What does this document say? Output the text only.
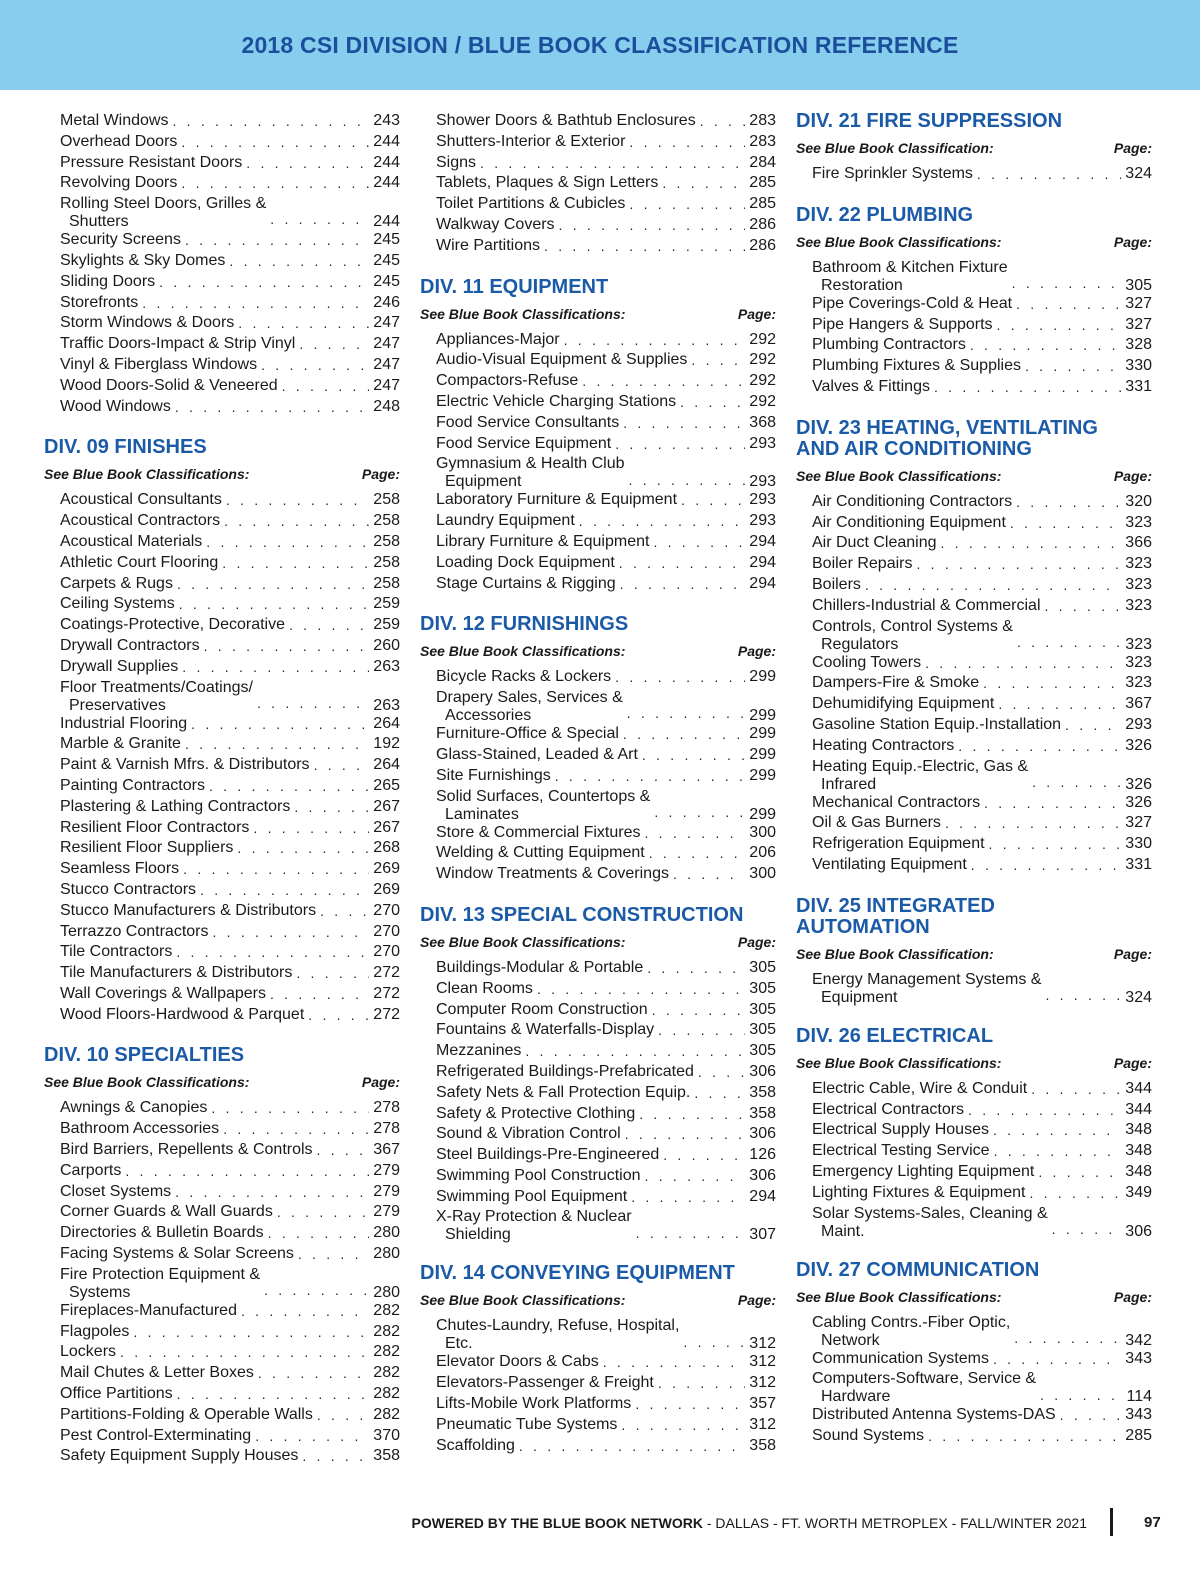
2018 CSI DIVISION / BLUE BOOK CLASSIFICATION REFERENCE
Metal Windows . . .	243
Overhead Doors . . .	244
Pressure Resistant Doors . . .	244
Revolving Doors . . .	244
Rolling Steel Doors, Grilles &
Shutters . . .	244
Security Screens . . .	245
Skylights & Sky Domes . . .	245
Sliding Doors . . .	245
Storefronts . . .	246
Storm Windows & Doors . . .	247
Traffic Doors-Impact & Strip Vinyl . . .	247
Vinyl & Fiberglass Windows . . .	247
Wood Doors-Solid & Veneered . . .	247
Wood Windows . . .	248
DIV. 09 FINISHES
See Blue Book Classifications:	Page:
Acoustical Consultants . . .	258
Acoustical Contractors . . .	258
Acoustical Materials . . .	258
Athletic Court Flooring . . .	258
Carpets & Rugs . . .	258
Ceiling Systems . . .	259
Coatings-Protective, Decorative . . .	259
Drywall Contractors . . .	260
Drywall Supplies . . .	263
Floor Treatments/Coatings/
Preservatives . . .	263
Industrial Flooring . . .	264
Marble & Granite . . .	192
Paint & Varnish Mfrs. & Distributors . . .	264
Painting Contractors . . .	265
Plastering & Lathing Contractors . . .	267
Resilient Floor Contractors . . .	267
Resilient Floor Suppliers . . .	268
Seamless Floors . . .	269
Stucco Contractors . . .	269
Stucco Manufacturers & Distributors . . .	270
Terrazzo Contractors . . .	270
Tile Contractors . . .	270
Tile Manufacturers & Distributors . . .	272
Wall Coverings & Wallpapers . . .	272
Wood Floors-Hardwood & Parquet . . .	272
DIV. 10 SPECIALTIES
See Blue Book Classifications:	Page:
Awnings & Canopies . . .	278
Bathroom Accessories . . .	278
Bird Barriers, Repellents & Controls . . .	367
Carports . . .	279
Closet Systems . . .	279
Corner Guards & Wall Guards . . .	279
Directories & Bulletin Boards . . .	280
Facing Systems & Solar Screens . . .	280
Fire Protection Equipment &
Systems . . .	280
Fireplaces-Manufactured . . .	282
Flagpoles . . .	282
Lockers . . .	282
Mail Chutes & Letter Boxes . . .	282
Office Partitions . . .	282
Partitions-Folding & Operable Walls . . .	282
Pest Control-Exterminating . . .	370
Safety Equipment Supply Houses . . .	358
Shower Doors & Bathtub Enclosures . . .	283
Shutters-Interior & Exterior . . .	283
Signs . . .	284
Tablets, Plaques & Sign Letters . . .	285
Toilet Partitions & Cubicles . . .	285
Walkway Covers . . .	286
Wire Partitions . . .	286
DIV. 11 EQUIPMENT
See Blue Book Classifications:	Page:
Appliances-Major . . .	292
Audio-Visual Equipment & Supplies . . .	292
Compactors-Refuse . . .	292
Electric Vehicle Charging Stations . . .	292
Food Service Consultants . . .	368
Food Service Equipment . . .	293
Gymnasium & Health Club
Equipment . . .	293
Laboratory Furniture & Equipment . . .	293
Laundry Equipment . . .	293
Library Furniture & Equipment . . .	294
Loading Dock Equipment . . .	294
Stage Curtains & Rigging . . .	294
DIV. 12 FURNISHINGS
See Blue Book Classifications:	Page:
Bicycle Racks & Lockers . . .	299
Drapery Sales, Services &
Accessories . . .	299
Furniture-Office & Special . . .	299
Glass-Stained, Leaded & Art . . .	299
Site Furnishings . . .	299
Solid Surfaces, Countertops &
Laminates . . .	299
Store & Commercial Fixtures . . .	300
Welding & Cutting Equipment . . .	206
Window Treatments & Coverings . . .	300
DIV. 13 SPECIAL CONSTRUCTION
See Blue Book Classifications:	Page:
Buildings-Modular & Portable . . .	305
Clean Rooms . . .	305
Computer Room Construction . . .	305
Fountains & Waterfalls-Display . . .	305
Mezzanines . . .	305
Refrigerated Buildings-Prefabricated . . .	306
Safety Nets & Fall Protection Equip. . . .	358
Safety & Protective Clothing . . .	358
Sound & Vibration Control . . .	306
Steel Buildings-Pre-Engineered . . .	126
Swimming Pool Construction . . .	306
Swimming Pool Equipment . . .	294
X-Ray Protection & Nuclear
Shielding . . .	307
DIV. 14 CONVEYING EQUIPMENT
See Blue Book Classifications:	Page:
Chutes-Laundry, Refuse, Hospital,
Etc. . . .	312
Elevator Doors & Cabs . . .	312
Elevators-Passenger & Freight . . .	312
Lifts-Mobile Work Platforms . . .	357
Pneumatic Tube Systems . . .	312
Scaffolding . . .	358
DIV. 21 FIRE SUPPRESSION
See Blue Book Classification:	Page:
Fire Sprinkler Systems . . .	324
DIV. 22 PLUMBING
See Blue Book Classifications:	Page:
Bathroom & Kitchen Fixture
Restoration . . .	305
Pipe Coverings-Cold & Heat . . .	327
Pipe Hangers & Supports . . .	327
Plumbing Contractors . . .	328
Plumbing Fixtures & Supplies . . .	330
Valves & Fittings . . .	331
DIV. 23 HEATING, VENTILATING
AND AIR CONDITIONING
See Blue Book Classifications:	Page:
Air Conditioning Contractors . . .	320
Air Conditioning Equipment . . .	323
Air Duct Cleaning . . .	366
Boiler Repairs . . .	323
Boilers . . .	323
Chillers-Industrial & Commercial . . .	323
Controls, Control Systems &
Regulators . . .	323
Cooling Towers . . .	323
Dampers-Fire & Smoke . . .	323
Dehumidifying Equipment . . .	367
Gasoline Station Equip.-Installation . . .	293
Heating Contractors . . .	326
Heating Equip.-Electric, Gas &
Infrared . . .	326
Mechanical Contractors . . .	326
Oil & Gas Burners . . .	327
Refrigeration Equipment . . .	330
Ventilating Equipment . . .	331
DIV. 25 INTEGRATED
AUTOMATION
See Blue Book Classification:	Page:
Energy Management Systems &
Equipment . . .	324
DIV. 26 ELECTRICAL
See Blue Book Classifications:	Page:
Electric Cable, Wire & Conduit . . .	344
Electrical Contractors . . .	344
Electrical Supply Houses . . .	348
Electrical Testing Service . . .	348
Emergency Lighting Equipment . . .	348
Lighting Fixtures & Equipment . . .	349
Solar Systems-Sales, Cleaning &
Maint. . . .	306
DIV. 27 COMMUNICATION
See Blue Book Classifications:	Page:
Cabling Contrs.-Fiber Optic,
Network . . .	342
Communication Systems . . .	343
Computers-Software, Service &
Hardware . . .	114
Distributed Antenna Systems-DAS . . .	343
Sound Systems . . .	285
POWERED BY THE BLUE BOOK NETWORK - DALLAS - FT. WORTH METROPLEX - FALL/WINTER 2021	97
